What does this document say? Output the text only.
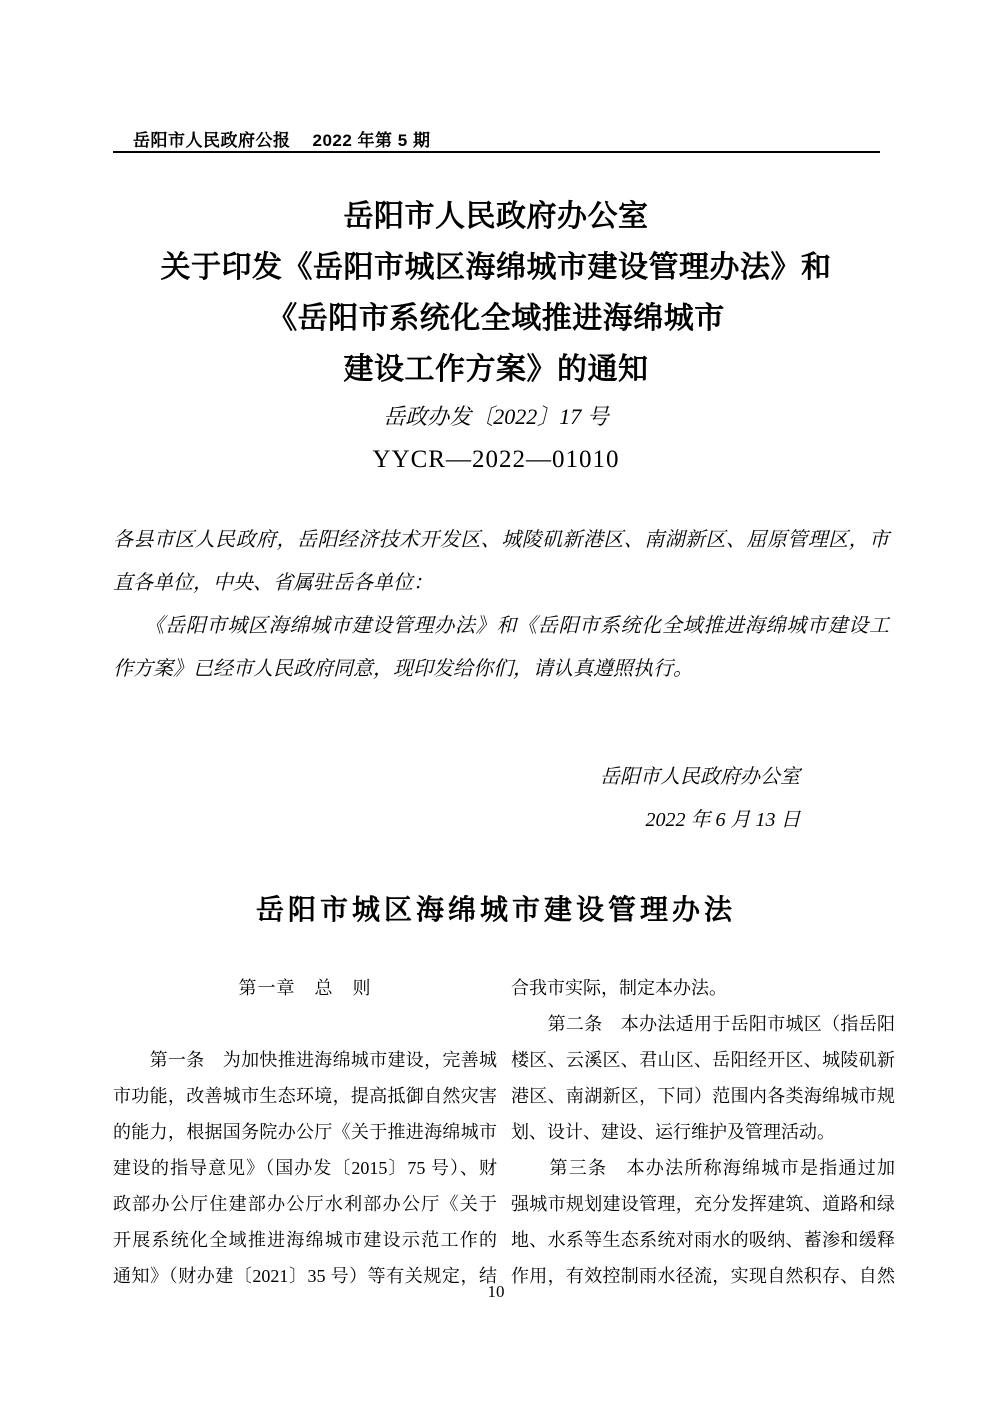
岳阳市人民政府公报 2022 年第 5 期
岳阳市人民政府办公室
关于印发《岳阳市城区海绵城市建设管理办法》和
《岳阳市系统化全域推进海绵城市
建设工作方案》的通知
岳政办发〔2022〕17 号
YYCR—2022—01010
各县市区人民政府，岳阳经济技术开发区、城陵矶新港区、南湖新区、屈原管理区，市
直各单位，中央、省属驻岳各单位：
　　《岳阳市城区海绵城市建设管理办法》和《岳阳市系统化全域推进海绵城市建设工
作方案》已经市人民政府同意，现印发给你们，请认真遵照执行。
岳阳市人民政府办公室
2022 年 6 月 13 日
岳阳市城区海绵城市建设管理办法
第一章　总　则
　　第一条　为加快推进海绵城市建设，完善城
市功能，改善城市生态环境，提高抵御自然灾害
的能力，根据国务院办公厅《关于推进海绵城市
建设的指导意见》（国办发〔2015〕75 号）、财
政部办公厅住建部办公厅水利部办公厅《关于
开展系统化全域推进海绵城市建设示范工作的
通知》（财办建〔2021〕35 号）等有关规定，结
合我市实际，制定本办法。
　　第二条　本办法适用于岳阳市城区（指岳阳
楼区、云溪区、君山区、岳阳经开区、城陵矶新
港区、南湖新区，下同）范围内各类海绵城市规
划、设计、建设、运行维护及管理活动。
　　第三条　本办法所称海绵城市是指通过加
强城市规划建设管理，充分发挥建筑、道路和绿
地、水系等生态系统对雨水的吸纳、蓄渗和缓释
作用，有效控制雨水径流，实现自然积存、自然
10
